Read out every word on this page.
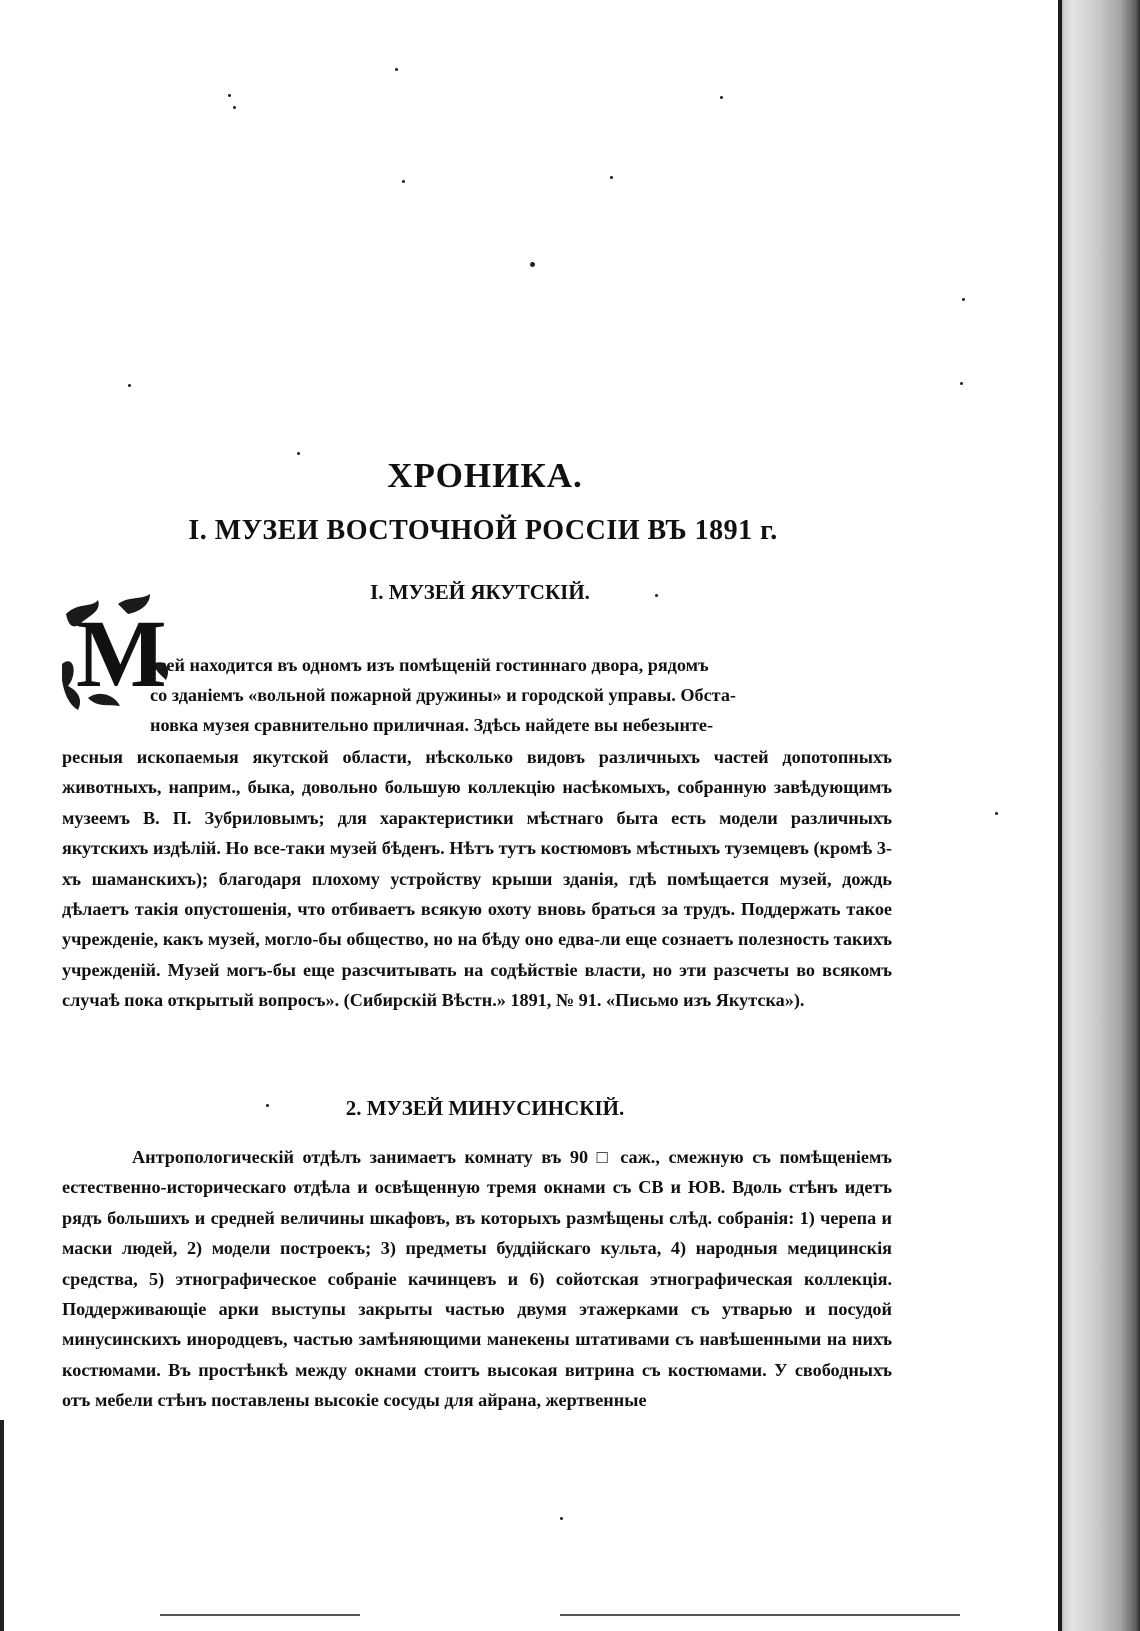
ХРОНИКА.
I. МУЗЕИ ВОСТОЧНОЙ РОССІИ ВЪ 1891 г.
I. МУЗЕЙ ЯКУТСКІЙ.
M

узей находится въ одномъ изъ помѣщеній гостиннаго двора, рядомъ

со зданіемъ «вольной пожарной дружины» и городской управы. Обста-

новка музея сравнительно приличная. Здѣсь найдете вы небезынте-

ресныя ископаемыя якутской области, нѣсколько видовъ различныхъ частей допотопныхъ животныхъ, наприм., быка, довольно большую коллекцію насѣкомыхъ, собранную завѣдующимъ музеемъ В. П. Зубриловымъ; для характеристики мѣстнаго быта есть модели различныхъ якутскихъ издѣлій. Но все-таки музей бѣденъ. Нѣтъ тутъ костюмовъ мѣстныхъ туземцевъ (кромѣ 3-хъ шаманскихъ); благодаря плохому устройству крыши зданія, гдѣ помѣщается музей, дождь дѣлаетъ такія опустошенія, что отбиваетъ всякую охоту вновь браться за трудъ. Поддержать такое учрежденіе, какъ музей, могло-бы общество, но на бѣду оно едва-ли еще сознаетъ полезность такихъ учрежденій. Музей могъ-бы еще разсчитывать на содѣйствіе власти, но эти разсчеты во всякомъ случаѣ пока открытый вопросъ». (Сибирскій Вѣстн.» 1891, № 91. «Письмо изъ Якутска»).

2. МУЗЕЙ МИНУСИНСКІЙ.

Антропологическій отдѣлъ занимаетъ комнату въ 90 □ саж., смежную съ помѣщеніемъ естественно-историческаго отдѣла и освѣщенную тремя окнами съ СВ и ЮВ. Вдоль стѣнъ идетъ рядъ большихъ и средней величины шкафовъ, въ которыхъ размѣщены слѣд. собранія: 1) черепа и маски людей, 2) модели построекъ; 3) предметы буддійскаго культа, 4) народныя медицинскія средства, 5) этнографическое собраніе качинцевъ и 6) сойотская этнографическая коллекція. Поддерживающіе арки выступы закрыты частью двумя этажерками съ утварью и посудой минусинскихъ инородцевъ, частью замѣняющими манекены штативами съ навѣшенными на нихъ костюмами. Въ простѣнкѣ между окнами стоитъ высокая витрина съ костюмами. У свободныхъ отъ мебели стѣнъ поставлены высокіе сосуды для айрана, жертвенные
